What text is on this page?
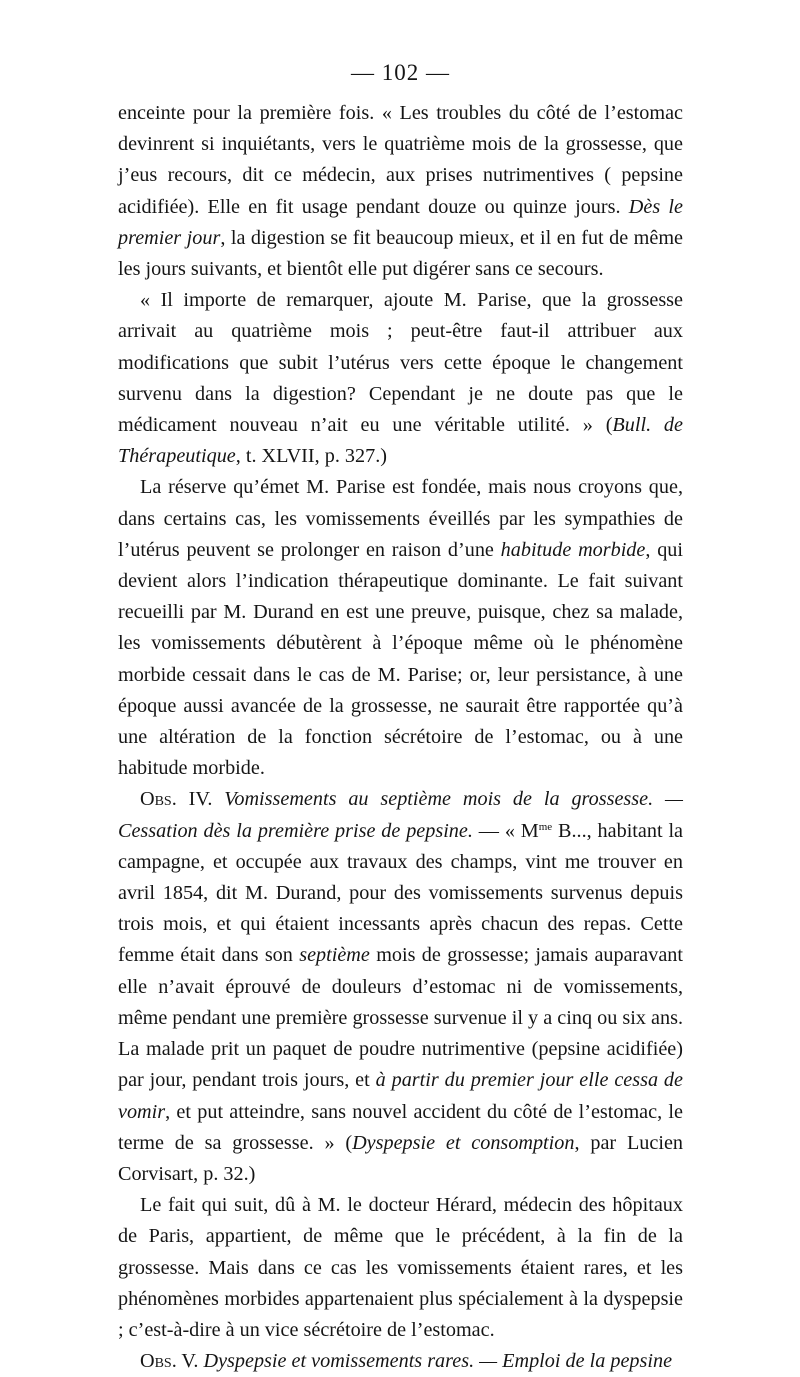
— 102 —

enceinte pour la première fois. « Les troubles du côté de l’estomac devinrent si inquiétants, vers le quatrième mois de la grossesse, que j’eus recours, dit ce médecin, aux prises nutrimentives ( pepsine acidifiée). Elle en fit usage pendant douze ou quinze jours. Dès le premier jour, la digestion se fit beaucoup mieux, et il en fut de même les jours suivants, et bientôt elle put digérer sans ce secours.

« Il importe de remarquer, ajoute M. Parise, que la grossesse arrivait au quatrième mois ; peut-être faut-il attribuer aux modifications que subit l’utérus vers cette époque le changement survenu dans la digestion? Cependant je ne doute pas que le médicament nouveau n’ait eu une véritable utilité. » (Bull. de Thérapeutique, t. XLVII, p. 327.)

La réserve qu’émet M. Parise est fondée, mais nous croyons que, dans certains cas, les vomissements éveillés par les sympathies de l’utérus peuvent se prolonger en raison d’une habitude morbide, qui devient alors l’indication thérapeutique dominante. Le fait suivant recueilli par M. Durand en est une preuve, puisque, chez sa malade, les vomissements débutèrent à l’époque même où le phénomène morbide cessait dans le cas de M. Parise; or, leur persistance, à une époque aussi avancée de la grossesse, ne saurait être rapportée qu’à une altération de la fonction sécrétoire de l’estomac, ou à une habitude morbide.

Obs. IV. Vomissements au septième mois de la grossesse. — Cessation dès la première prise de pepsine. — « $M^{me}$ B..., habitant la campagne, et occupée aux travaux des champs, vint me trouver en avril 1854, dit M. Durand, pour des vomissements survenus depuis trois mois, et qui étaient incessants après chacun des repas. Cette femme était dans son septième mois de grossesse; jamais auparavant elle n’avait éprouvé de douleurs d’estomac ni de vomissements, même pendant une première grossesse survenue il y a cinq ou six ans. La malade prit un paquet de poudre nutrimentive (pepsine acidifiée) par jour, pendant trois jours, et à partir du premier jour elle cessa de vomir, et put atteindre, sans nouvel accident du côté de l’estomac, le terme de sa grossesse. » (Dyspepsie et consomption, par Lucien Corvisart, p. 32.)

Le fait qui suit, dû à M. le docteur Hérard, médecin des hôpitaux de Paris, appartient, de même que le précédent, à la fin de la grossesse. Mais dans ce cas les vomissements étaient rares, et les phénomènes morbides appartenaient plus spécialement à la dyspepsie ; c’est-à-dire à un vice sécrétoire de l’estomac.

Obs. V. Dyspepsie et vomissements rares. — Emploi de la pepsine
